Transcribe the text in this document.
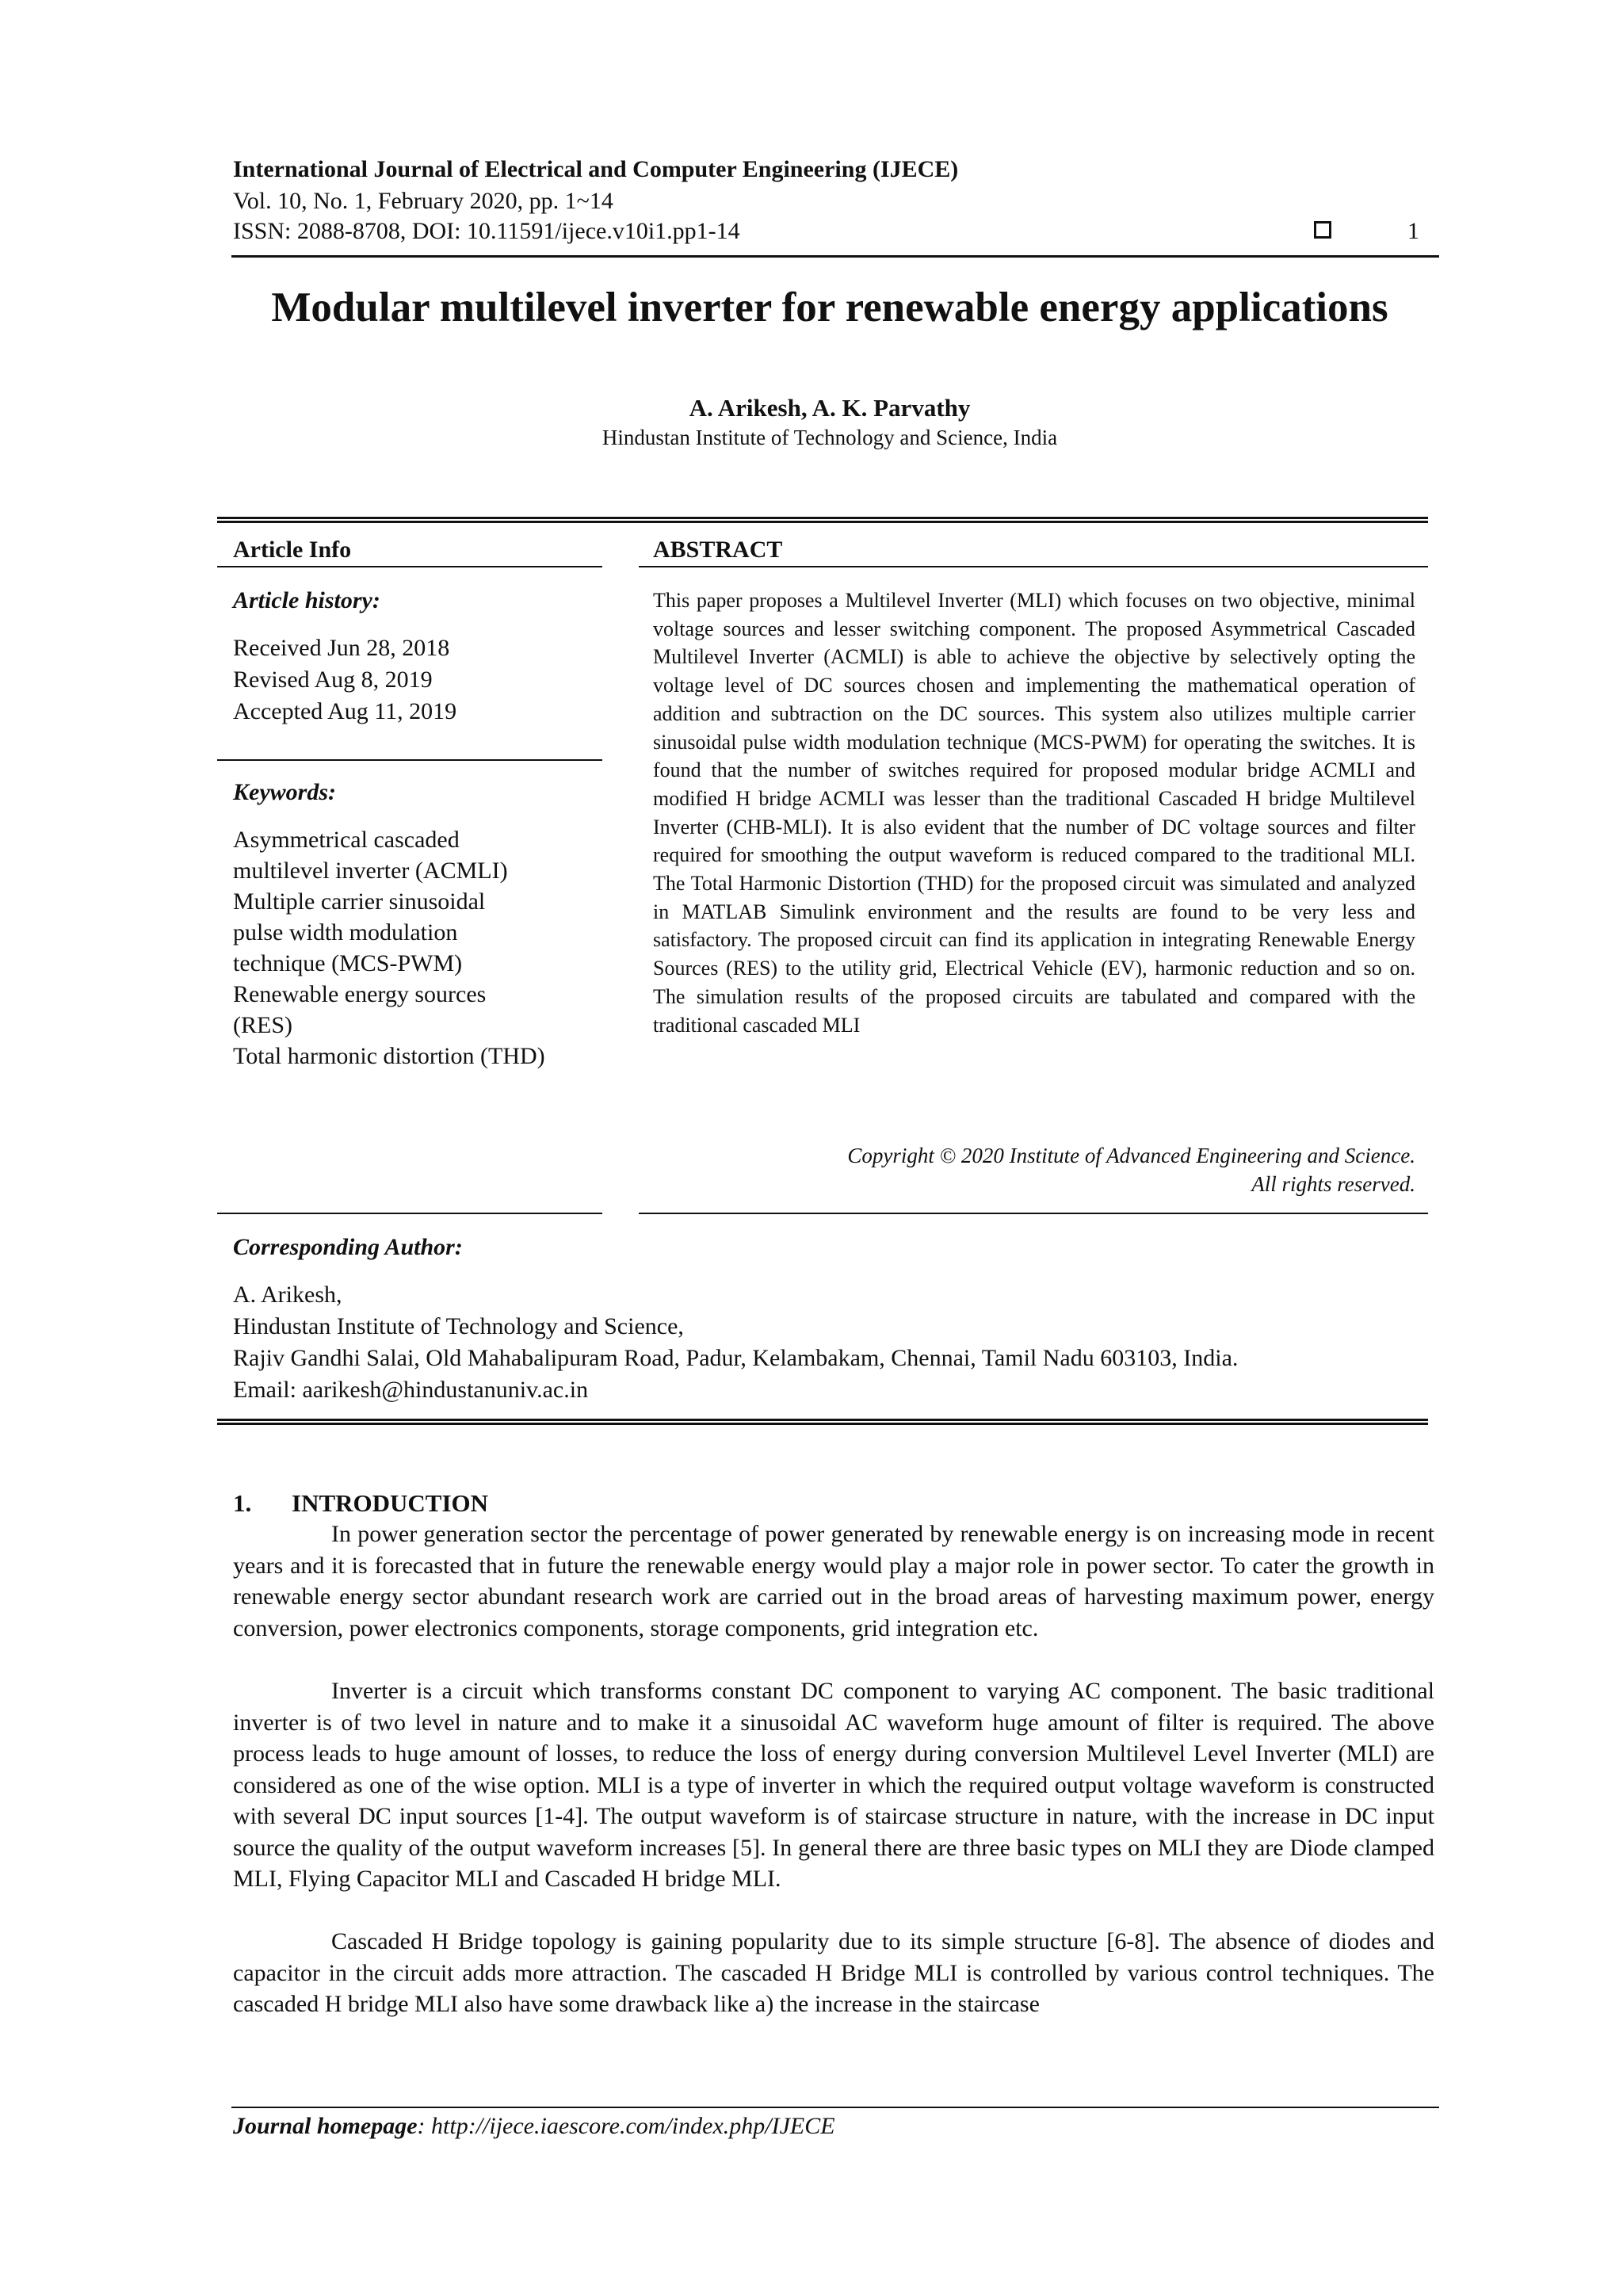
International Journal of Electrical and Computer Engineering (IJECE)
Vol. 10, No. 1, February 2020, pp. 1~14
ISSN: 2088-8708, DOI: 10.11591/ijece.v10i1.pp1-14	1
Modular multilevel inverter for renewable energy applications
A. Arikesh, A. K. Parvathy
Hindustan Institute of Technology and Science, India
Article Info
Article history:
Received Jun 28, 2018
Revised Aug 8, 2019
Accepted Aug 11, 2019
Keywords:
Asymmetrical cascaded
multilevel inverter (ACMLI)
Multiple carrier sinusoidal
pulse width modulation
technique (MCS-PWM)
Renewable energy sources
(RES)
Total harmonic distortion (THD)
ABSTRACT
This paper proposes a Multilevel Inverter (MLI) which focuses on two objective, minimal voltage sources and lesser switching component. The proposed Asymmetrical Cascaded Multilevel Inverter (ACMLI) is able to achieve the objective by selectively opting the voltage level of DC sources chosen and implementing the mathematical operation of addition and subtraction on the DC sources. This system also utilizes multiple carrier sinusoidal pulse width modulation technique (MCS-PWM) for operating the switches. It is found that the number of switches required for proposed modular bridge ACMLI and modified H bridge ACMLI was lesser than the traditional Cascaded H bridge Multilevel Inverter (CHB-MLI). It is also evident that the number of DC voltage sources and filter required for smoothing the output waveform is reduced compared to the traditional MLI. The Total Harmonic Distortion (THD) for the proposed circuit was simulated and analyzed in MATLAB Simulink environment and the results are found to be very less and satisfactory. The proposed circuit can find its application in integrating Renewable Energy Sources (RES) to the utility grid, Electrical Vehicle (EV), harmonic reduction and so on. The simulation results of the proposed circuits are tabulated and compared with the traditional cascaded MLI
Copyright © 2020 Institute of Advanced Engineering and Science.
All rights reserved.
Corresponding Author:
A. Arikesh,
Hindustan Institute of Technology and Science,
Rajiv Gandhi Salai, Old Mahabalipuram Road, Padur, Kelambakam, Chennai, Tamil Nadu 603103, India.
Email: aarikesh@hindustanuniv.ac.in
1. INTRODUCTION
In power generation sector the percentage of power generated by renewable energy is on increasing mode in recent years and it is forecasted that in future the renewable energy would play a major role in power sector. To cater the growth in renewable energy sector abundant research work are carried out in the broad areas of harvesting maximum power, energy conversion, power electronics components, storage components, grid integration etc.
Inverter is a circuit which transforms constant DC component to varying AC component. The basic traditional inverter is of two level in nature and to make it a sinusoidal AC waveform huge amount of filter is required. The above process leads to huge amount of losses, to reduce the loss of energy during conversion Multilevel Level Inverter (MLI) are considered as one of the wise option. MLI is a type of inverter in which the required output voltage waveform is constructed with several DC input sources [1-4]. The output waveform is of staircase structure in nature, with the increase in DC input source the quality of the output waveform increases [5]. In general there are three basic types on MLI they are Diode clamped MLI, Flying Capacitor MLI and Cascaded H bridge MLI.
Cascaded H Bridge topology is gaining popularity due to its simple structure [6-8]. The absence of diodes and capacitor in the circuit adds more attraction. The cascaded H Bridge MLI is controlled by various control techniques. The cascaded H bridge MLI also have some drawback like a) the increase in the staircase
Journal homepage: http://ijece.iaescore.com/index.php/IJECE
